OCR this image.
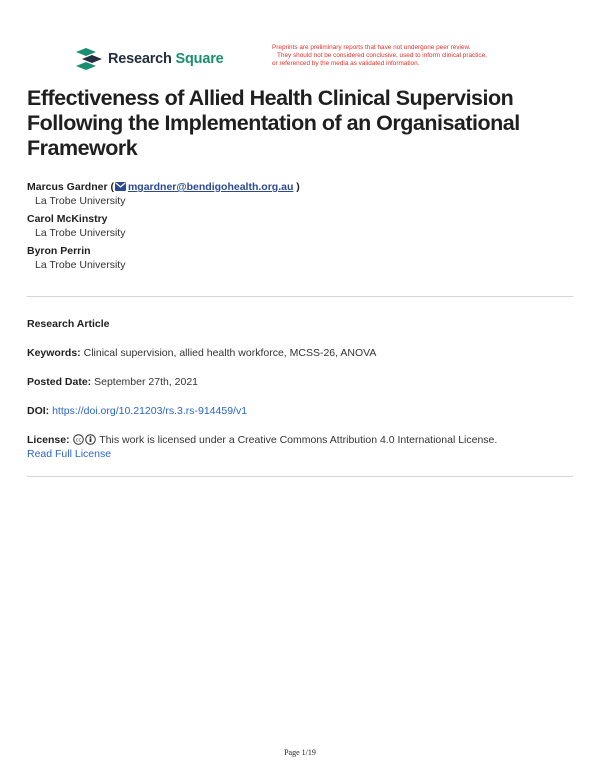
Research Square
Preprints are preliminary reports that have not undergone peer review.
They should not be considered conclusive, used to inform clinical practice,
or referenced by the media as validated information.
Effectiveness of Allied Health Clinical Supervision Following the Implementation of an Organisational Framework
Marcus Gardner ( mgardner@bendigohealth.org.au )
La Trobe University
Carol McKinstry
La Trobe University
Byron Perrin
La Trobe University
Research Article
Keywords: Clinical supervision, allied health workforce, MCSS-26, ANOVA
Posted Date: September 27th, 2021
DOI: https://doi.org/10.21203/rs.3.rs-914459/v1
License: cc This work is licensed under a Creative Commons Attribution 4.0 International License.
Read Full License
Page 1/19
